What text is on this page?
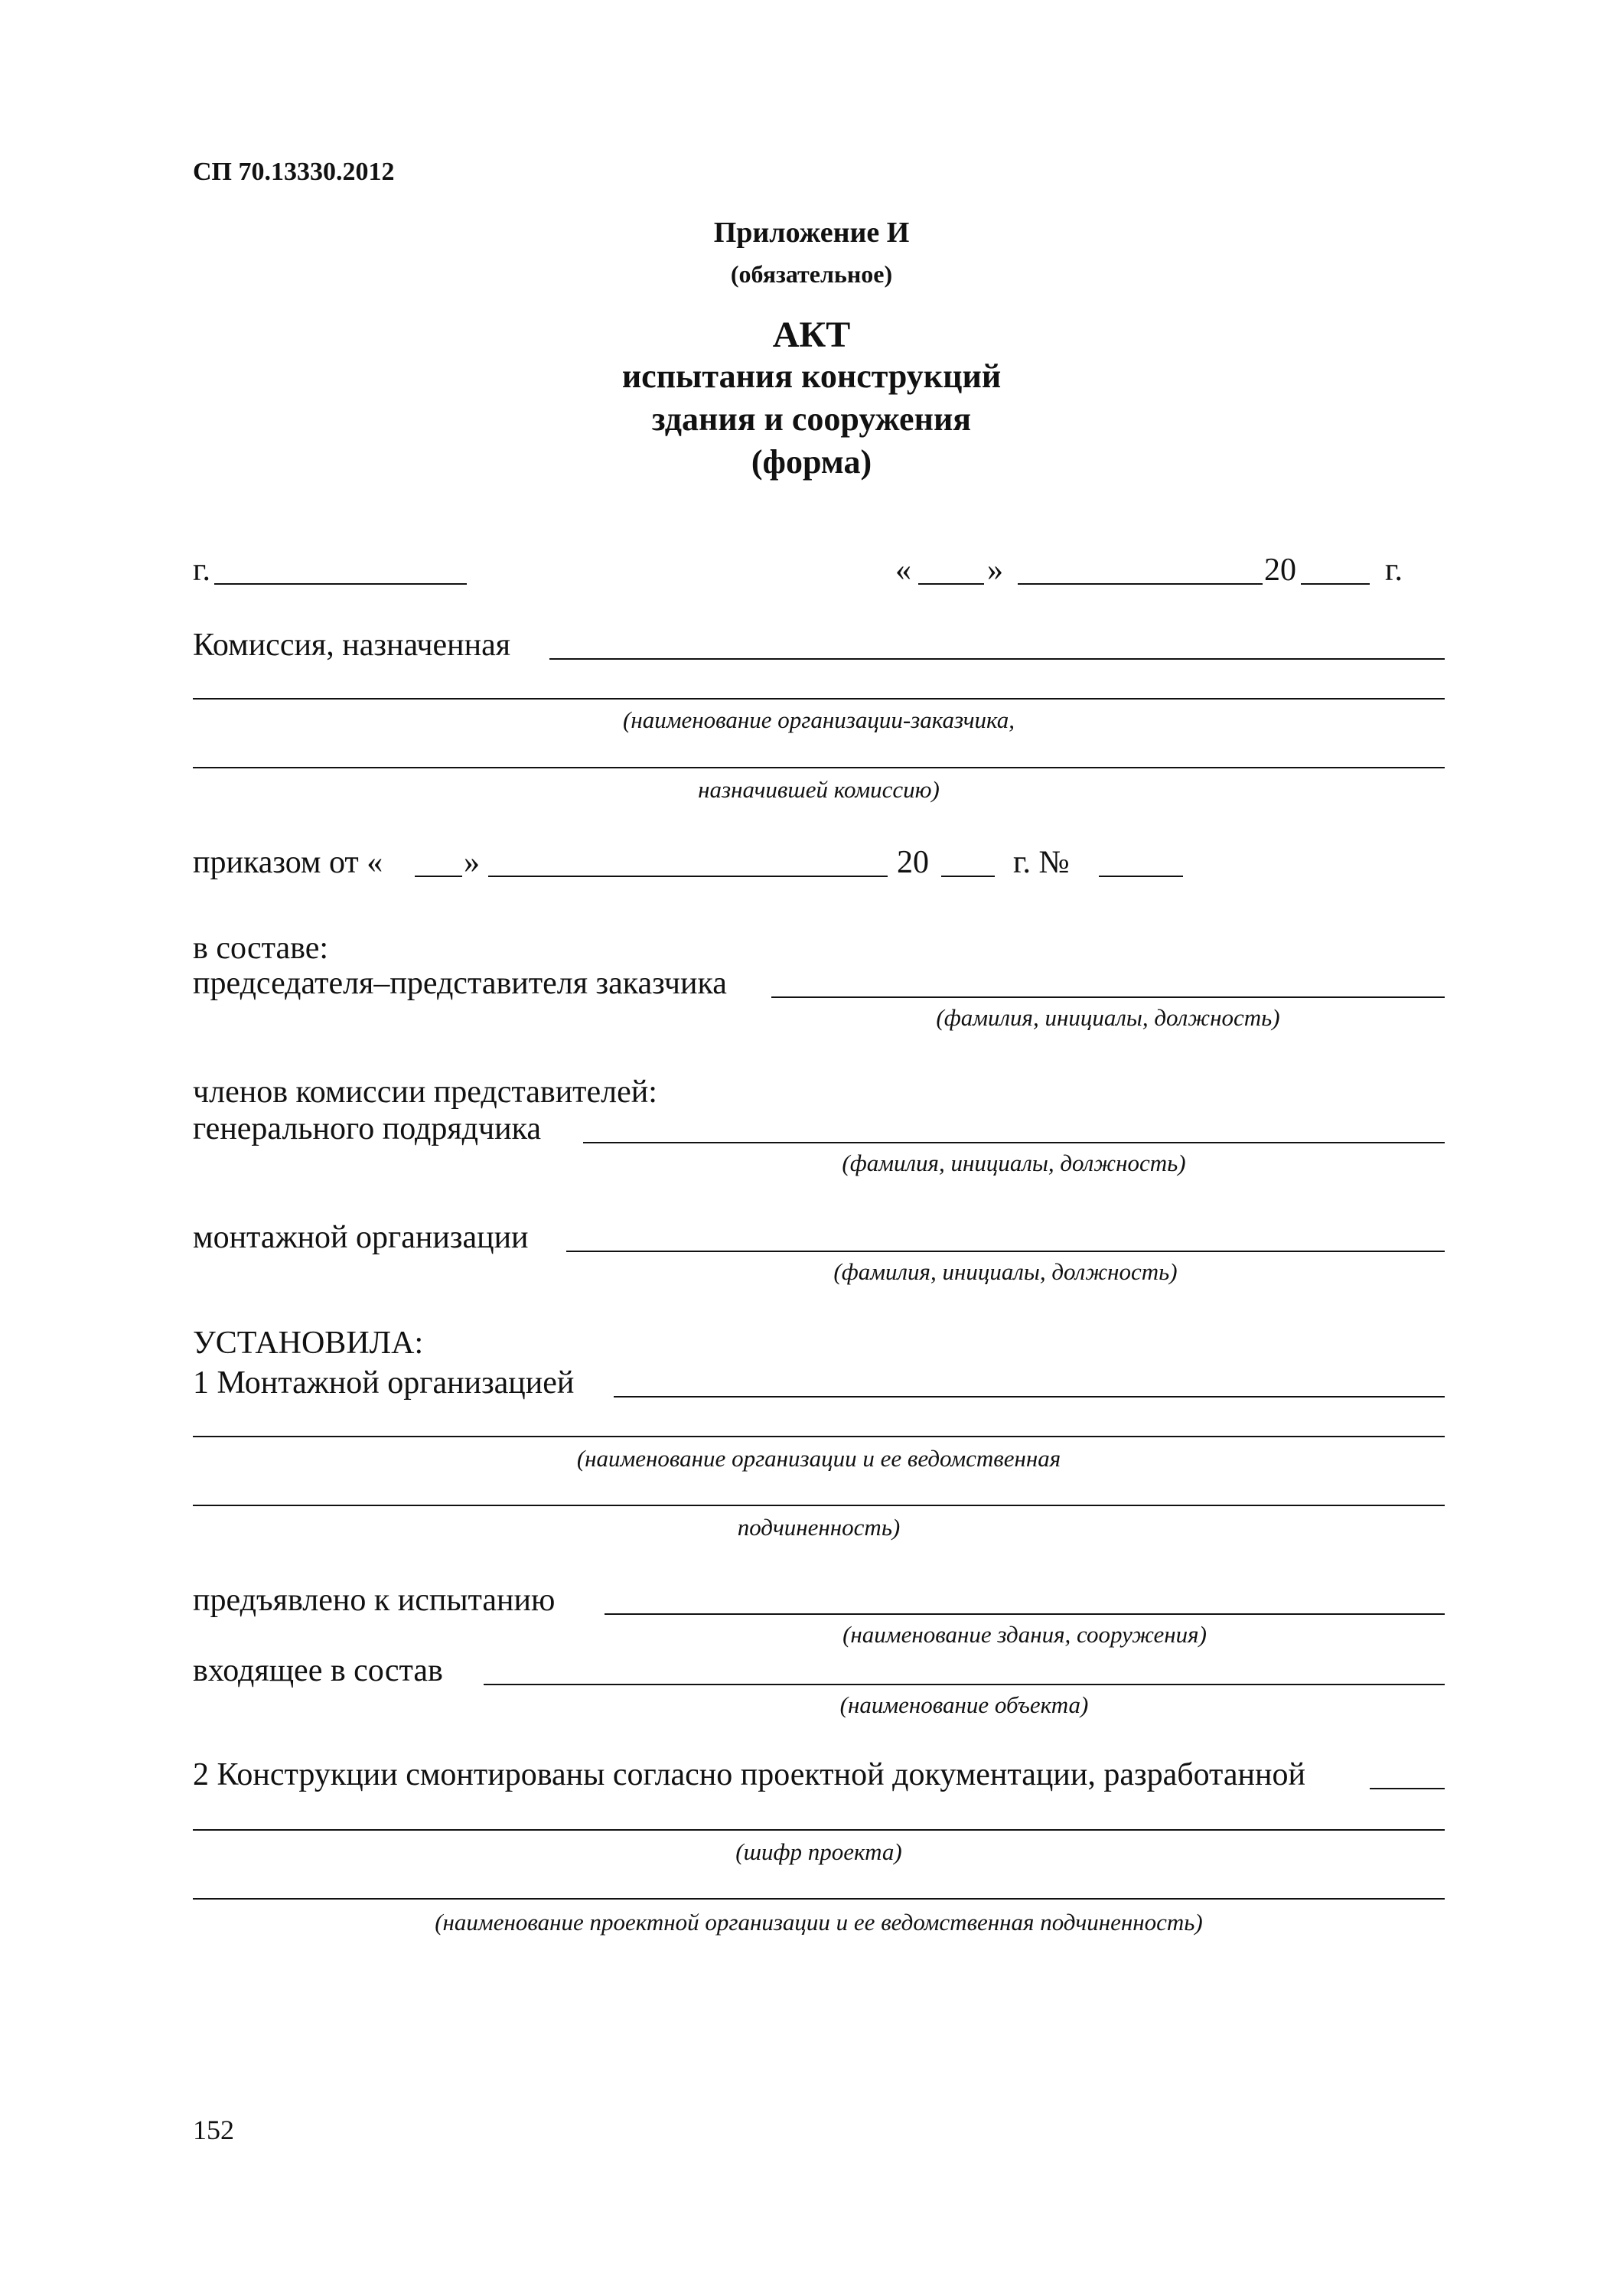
СП 70.13330.2012
Приложение И
(обязательное)
АКТ
испытания конструкций
здания и сооружения
(форма)
г.	« »	20	г.
Комиссия, назначенная
(наименование организации-заказчика,
назначившей комиссию)
приказом от «	»	20	г. №
в составе:
председателя–представителя заказчика
(фамилия, инициалы, должность)
членов комиссии представителей:
генерального подрядчика
(фамилия, инициалы, должность)
монтажной организации
(фамилия, инициалы, должность)
УСТАНОВИЛА:
1 Монтажной организацией
(наименование организации и ее ведомственная
подчиненность)
предъявлено к испытанию
(наименование здания, сооружения)
входящее в состав
(наименование объекта)
2 Конструкции смонтированы согласно проектной документации, разработанной
(шифр проекта)
(наименование проектной организации и ее ведомственная подчиненность)
152
